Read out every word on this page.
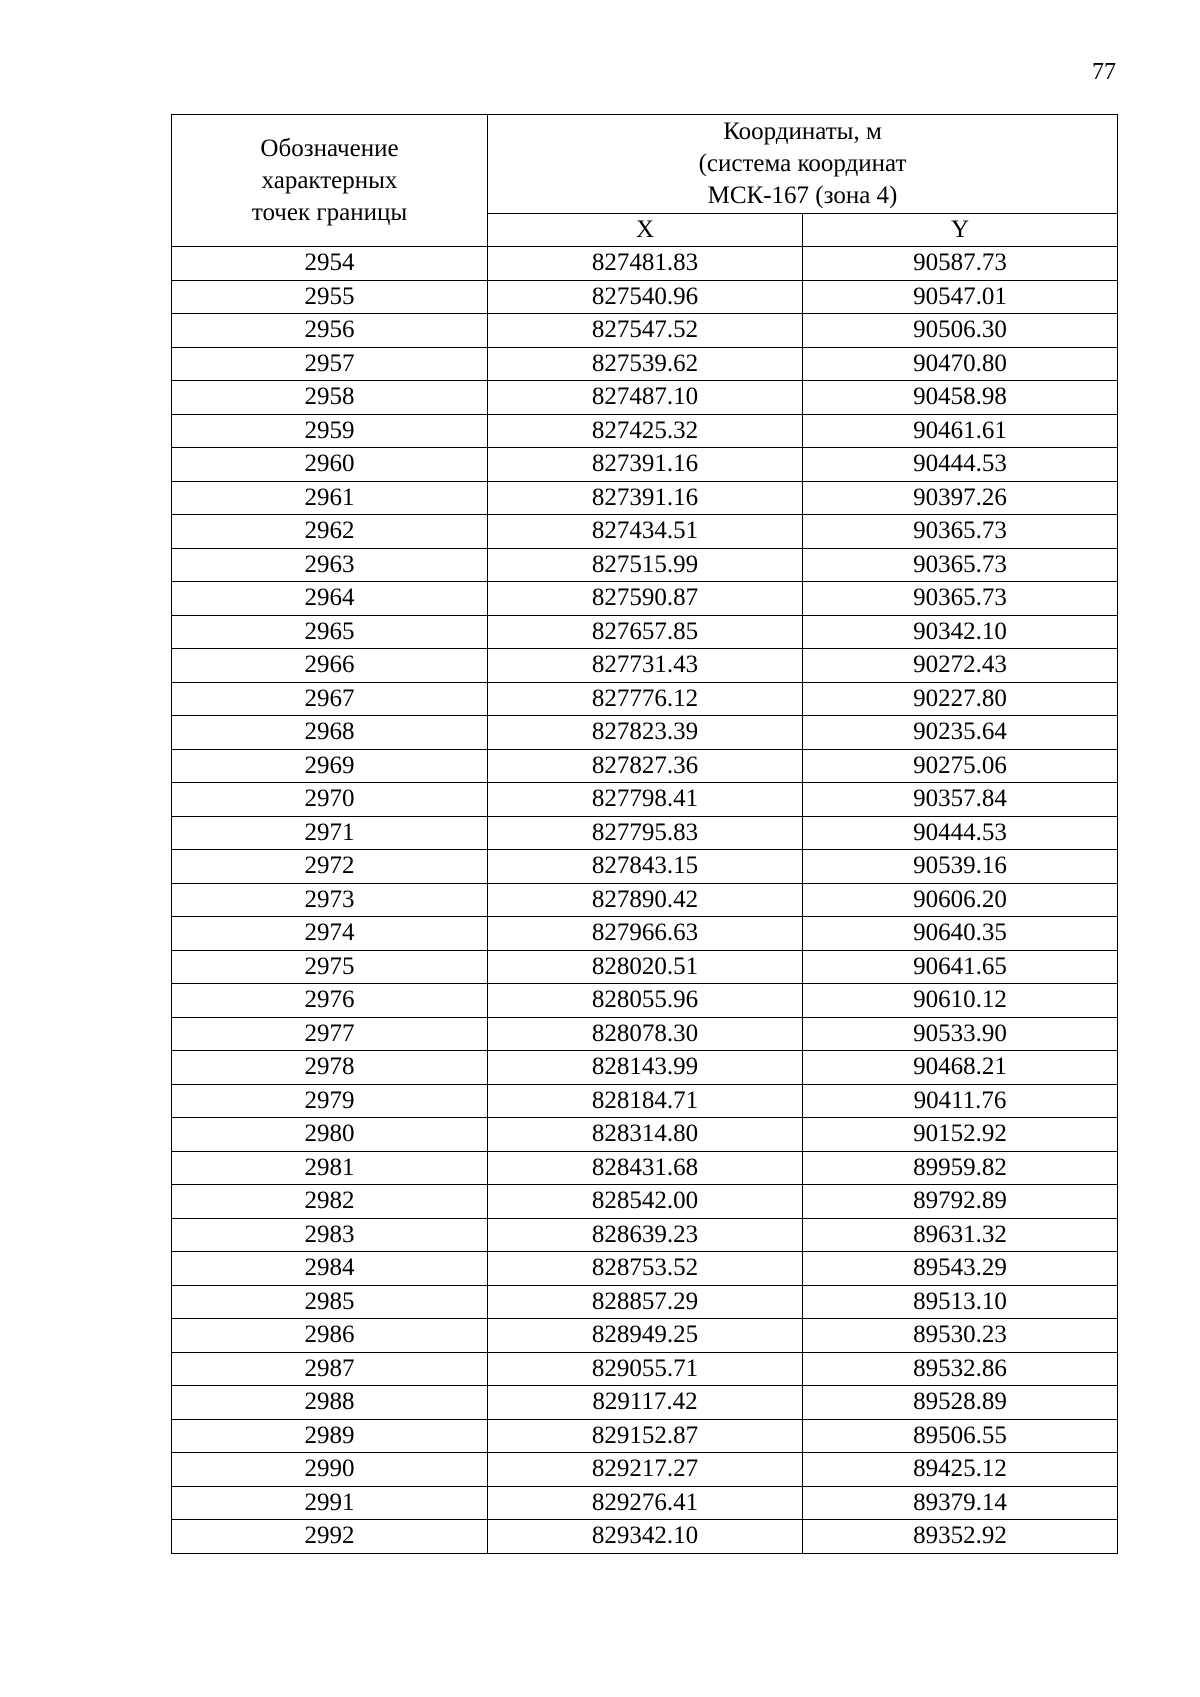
77
Обозначение
характерных
точек границы	Координаты, м
(система координат
МСК-167 (зона 4)	

	X	Y
2954	827481.83	90587.73
2955	827540.96	90547.01
2956	827547.52	90506.30
2957	827539.62	90470.80
2958	827487.10	90458.98
2959	827425.32	90461.61
2960	827391.16	90444.53
2961	827391.16	90397.26
2962	827434.51	90365.73
2963	827515.99	90365.73
2964	827590.87	90365.73
2965	827657.85	90342.10
2966	827731.43	90272.43
2967	827776.12	90227.80
2968	827823.39	90235.64
2969	827827.36	90275.06
2970	827798.41	90357.84
2971	827795.83	90444.53
2972	827843.15	90539.16
2973	827890.42	90606.20
2974	827966.63	90640.35
2975	828020.51	90641.65
2976	828055.96	90610.12
2977	828078.30	90533.90
2978	828143.99	90468.21
2979	828184.71	90411.76
2980	828314.80	90152.92
2981	828431.68	89959.82
2982	828542.00	89792.89
2983	828639.23	89631.32
2984	828753.52	89543.29
2985	828857.29	89513.10
2986	828949.25	89530.23
2987	829055.71	89532.86
2988	829117.42	89528.89
2989	829152.87	89506.55
2990	829217.27	89425.12
2991	829276.41	89379.14
2992	829342.10	89352.92
